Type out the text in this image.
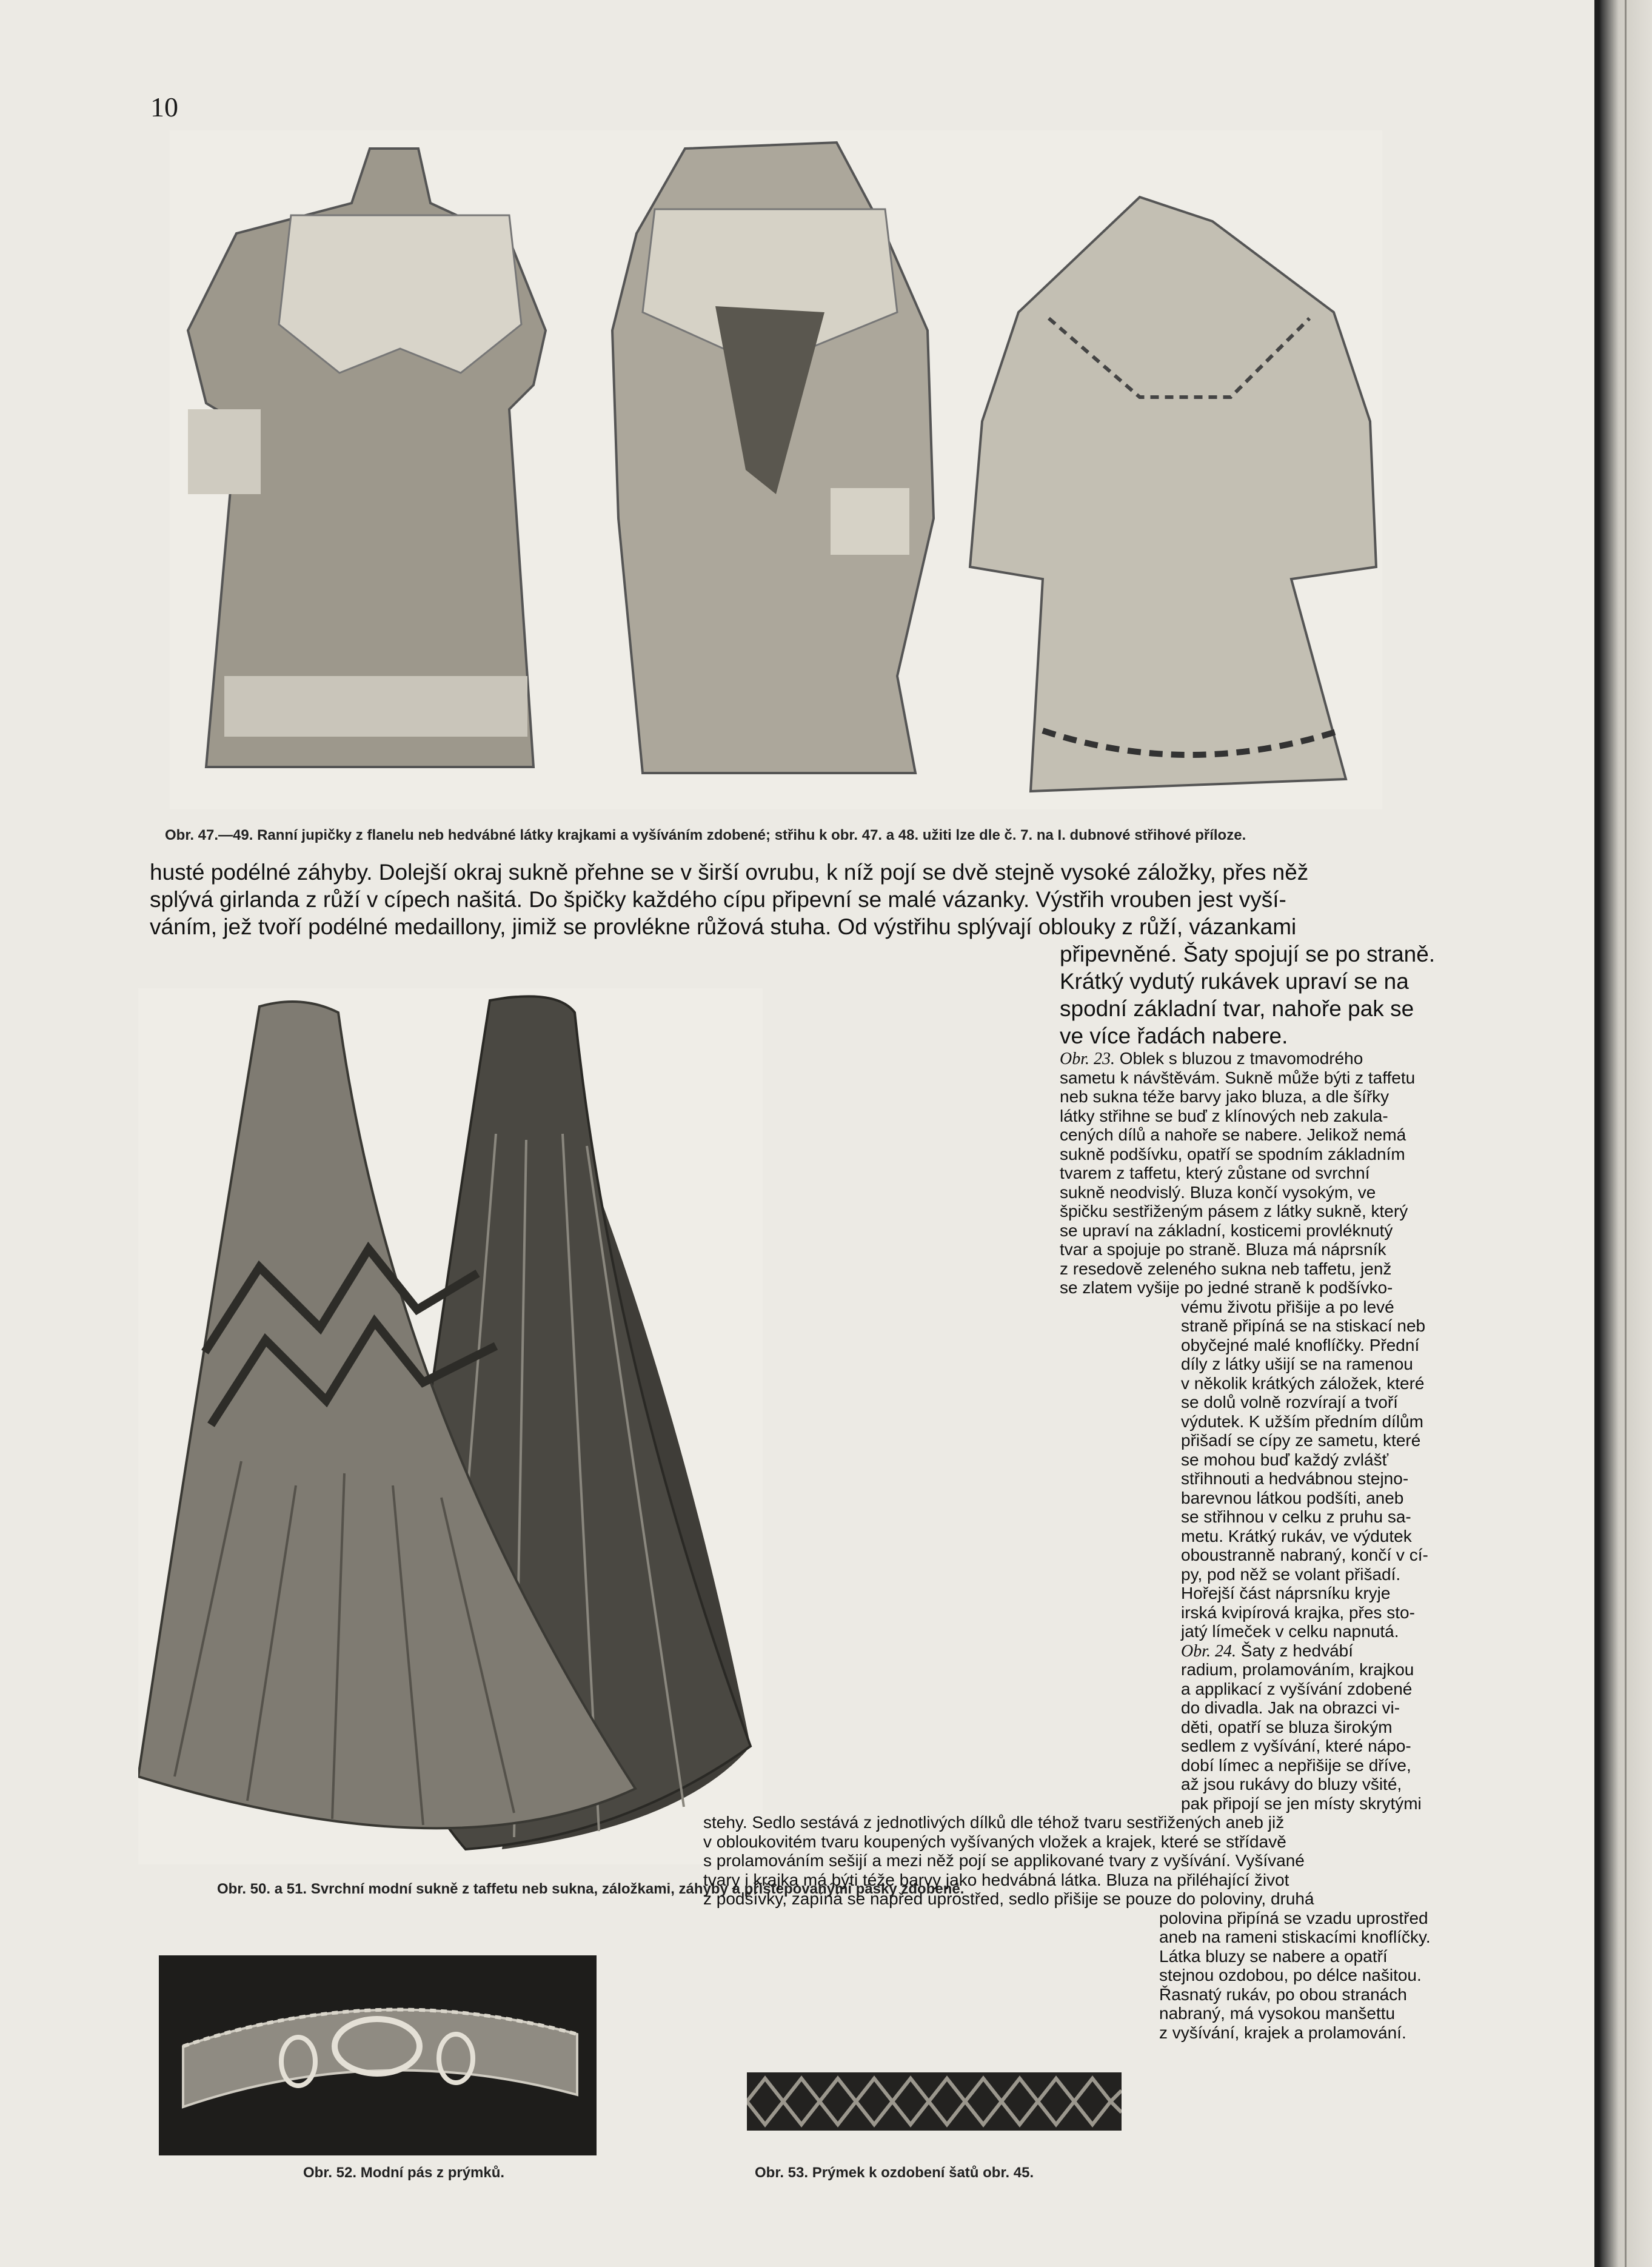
10
Obr. 47.—49. Ranní jupičky z flanelu neb hedvábné látky krajkami a vyšíváním zdobené; střihu k obr. 47. a 48. užiti lze dle č. 7. na I. dubnové střihové příloze.
husté podélné záhyby. Dolejší okraj sukně přehne se v širší ovrubu, k níž pojí se dvě stejně vysoké záložky, přes něž
splývá girlanda z růží v cípech našitá. Do špičky každého cípu připevní se malé vázanky. Výstřih vrouben jest vyší-
váním, jež tvoří podélné medaillony, jimiž se provlékne růžová stuha. Od výstřihu splývají oblouky z růží, vázankami
připevněné. Šaty spojují se po straně.
Krátký vydutý rukávek upraví se na
spodní základní tvar, nahoře pak se
ve více řadách nabere.
Obr. 50. a 51. Svrchní modní sukně z taffetu neb sukna, záložkami, záhyby a přištepovanými pásky zdobené.
Obr. 23. Oblek s bluzou z tmavomodrého
sametu k návštěvám. Sukně může býti z taffetu
neb sukna téže barvy jako bluza, a dle šířky
látky střihne se buď z klínových neb zakula-
cených dílů a nahoře se nabere. Jelikož nemá
sukně podšívku, opatří se spodním základním
tvarem z taffetu, který zůstane od svrchní
sukně neodvislý. Bluza končí vysokým, ve
špičku sestřiženým pásem z látky sukně, který
se upraví na základní, kosticemi provléknutý
tvar a spojuje po straně. Bluza má náprsník
z resedově zeleného sukna neb taffetu, jenž
se zlatem vyšije po jedné straně k podšívko-
vému životu přišije a po levé
straně připíná se na stiskací neb
obyčejné malé knoflíčky. Přední
díly z látky ušijí se na ramenou
v několik krátkých záložek, které
se dolů volně rozvírají a tvoří
výdutek. K užším předním dílům
přišadí se cípy ze sametu, které
se mohou buď každý zvlášť
střihnouti a hedvábnou stejno-
barevnou látkou podšíti, aneb
se střihnou v celku z pruhu sa-
metu. Krátký rukáv, ve výdutek
oboustranně nabraný, končí v cí-
py, pod něž se volant přišadí.
Hořejší část náprsníku kryje
irská kvipírová krajka, přes sto-
jatý límeček v celku napnutá.
Obr. 24. Šaty z hedvábí
radium, prolamováním, krajkou
a applikací z vyšívání zdobené
do divadla. Jak na obrazci vi-
děti, opatří se bluza širokým
sedlem z vyšívání, které nápo-
dobí límec a nepřišije se dříve,
až jsou rukávy do bluzy všité,
pak připojí se jen místy skrytými
stehy. Sedlo sestává z jednotlivých dílků dle téhož tvaru sestřižených aneb již
v obloukovitém tvaru koupených vyšívaných vložek a krajek, které se střídavě
s prolamováním sešijí a mezi něž pojí se applikované tvary z vyšívání. Vyšívané
tvary i krajka má býti téže barvy jako hedvábná látka. Bluza na přiléhající život
z podšívky, zapíná se napřed uprostřed, sedlo přišije se pouze do poloviny, druhá
polovina připíná se vzadu uprostřed
aneb na rameni stiskacími knoflíčky.
Látka bluzy se nabere a opatří
stejnou ozdobou, po délce našitou.
Řasnatý rukáv, po obou stranách
nabraný, má vysokou manšettu
z vyšívání, krajek a prolamování.
Obr. 52. Modní pás z prýmků.	Obr. 53. Prýmek k ozdobení šatů obr. 45.
